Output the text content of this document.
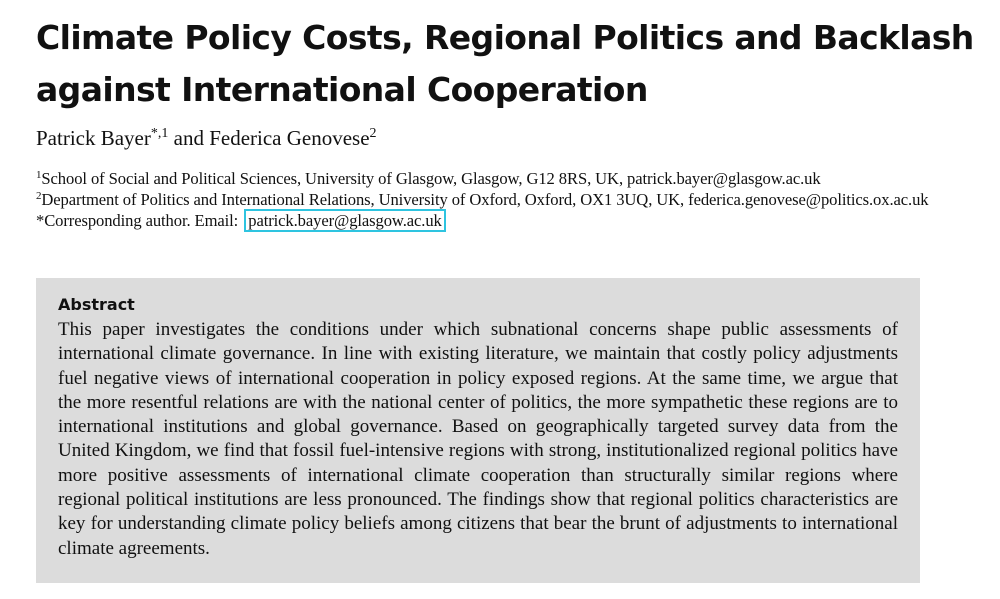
Climate Policy Costs, Regional Politics and Backlash
against International Cooperation
Patrick Bayer$^{*,1}$ and Federica Genovese$^2$
$^1$School of Social and Political Sciences, University of Glasgow, Glasgow, G12 8RS, UK, patrick.bayer@glasgow.ac.uk
$^2$Department of Politics and International Relations, University of Oxford, Oxford, OX1 3UQ, UK, federica.genovese@politics.ox.ac.uk
*Corresponding author. Email: patrick.bayer@glasgow.ac.uk
Abstract

This paper investigates the conditions under which subnational concerns shape public assessments of international climate governance. In line with existing literature, we maintain that costly policy adjustments fuel negative views of international cooperation in policy exposed regions. At the same time, we argue that the more resentful relations are with the national center of politics, the more sympathetic these regions are to international institutions and global governance. Based on geographically targeted survey data from the United Kingdom, we find that fossil fuel-intensive regions with strong, institutionalized regional politics have more positive assessments of international climate cooperation than structurally similar regions where regional political institutions are less pronounced. The findings show that regional politics characteristics are key for understanding climate policy beliefs among citizens that bear the brunt of adjustments to international climate agreements.
